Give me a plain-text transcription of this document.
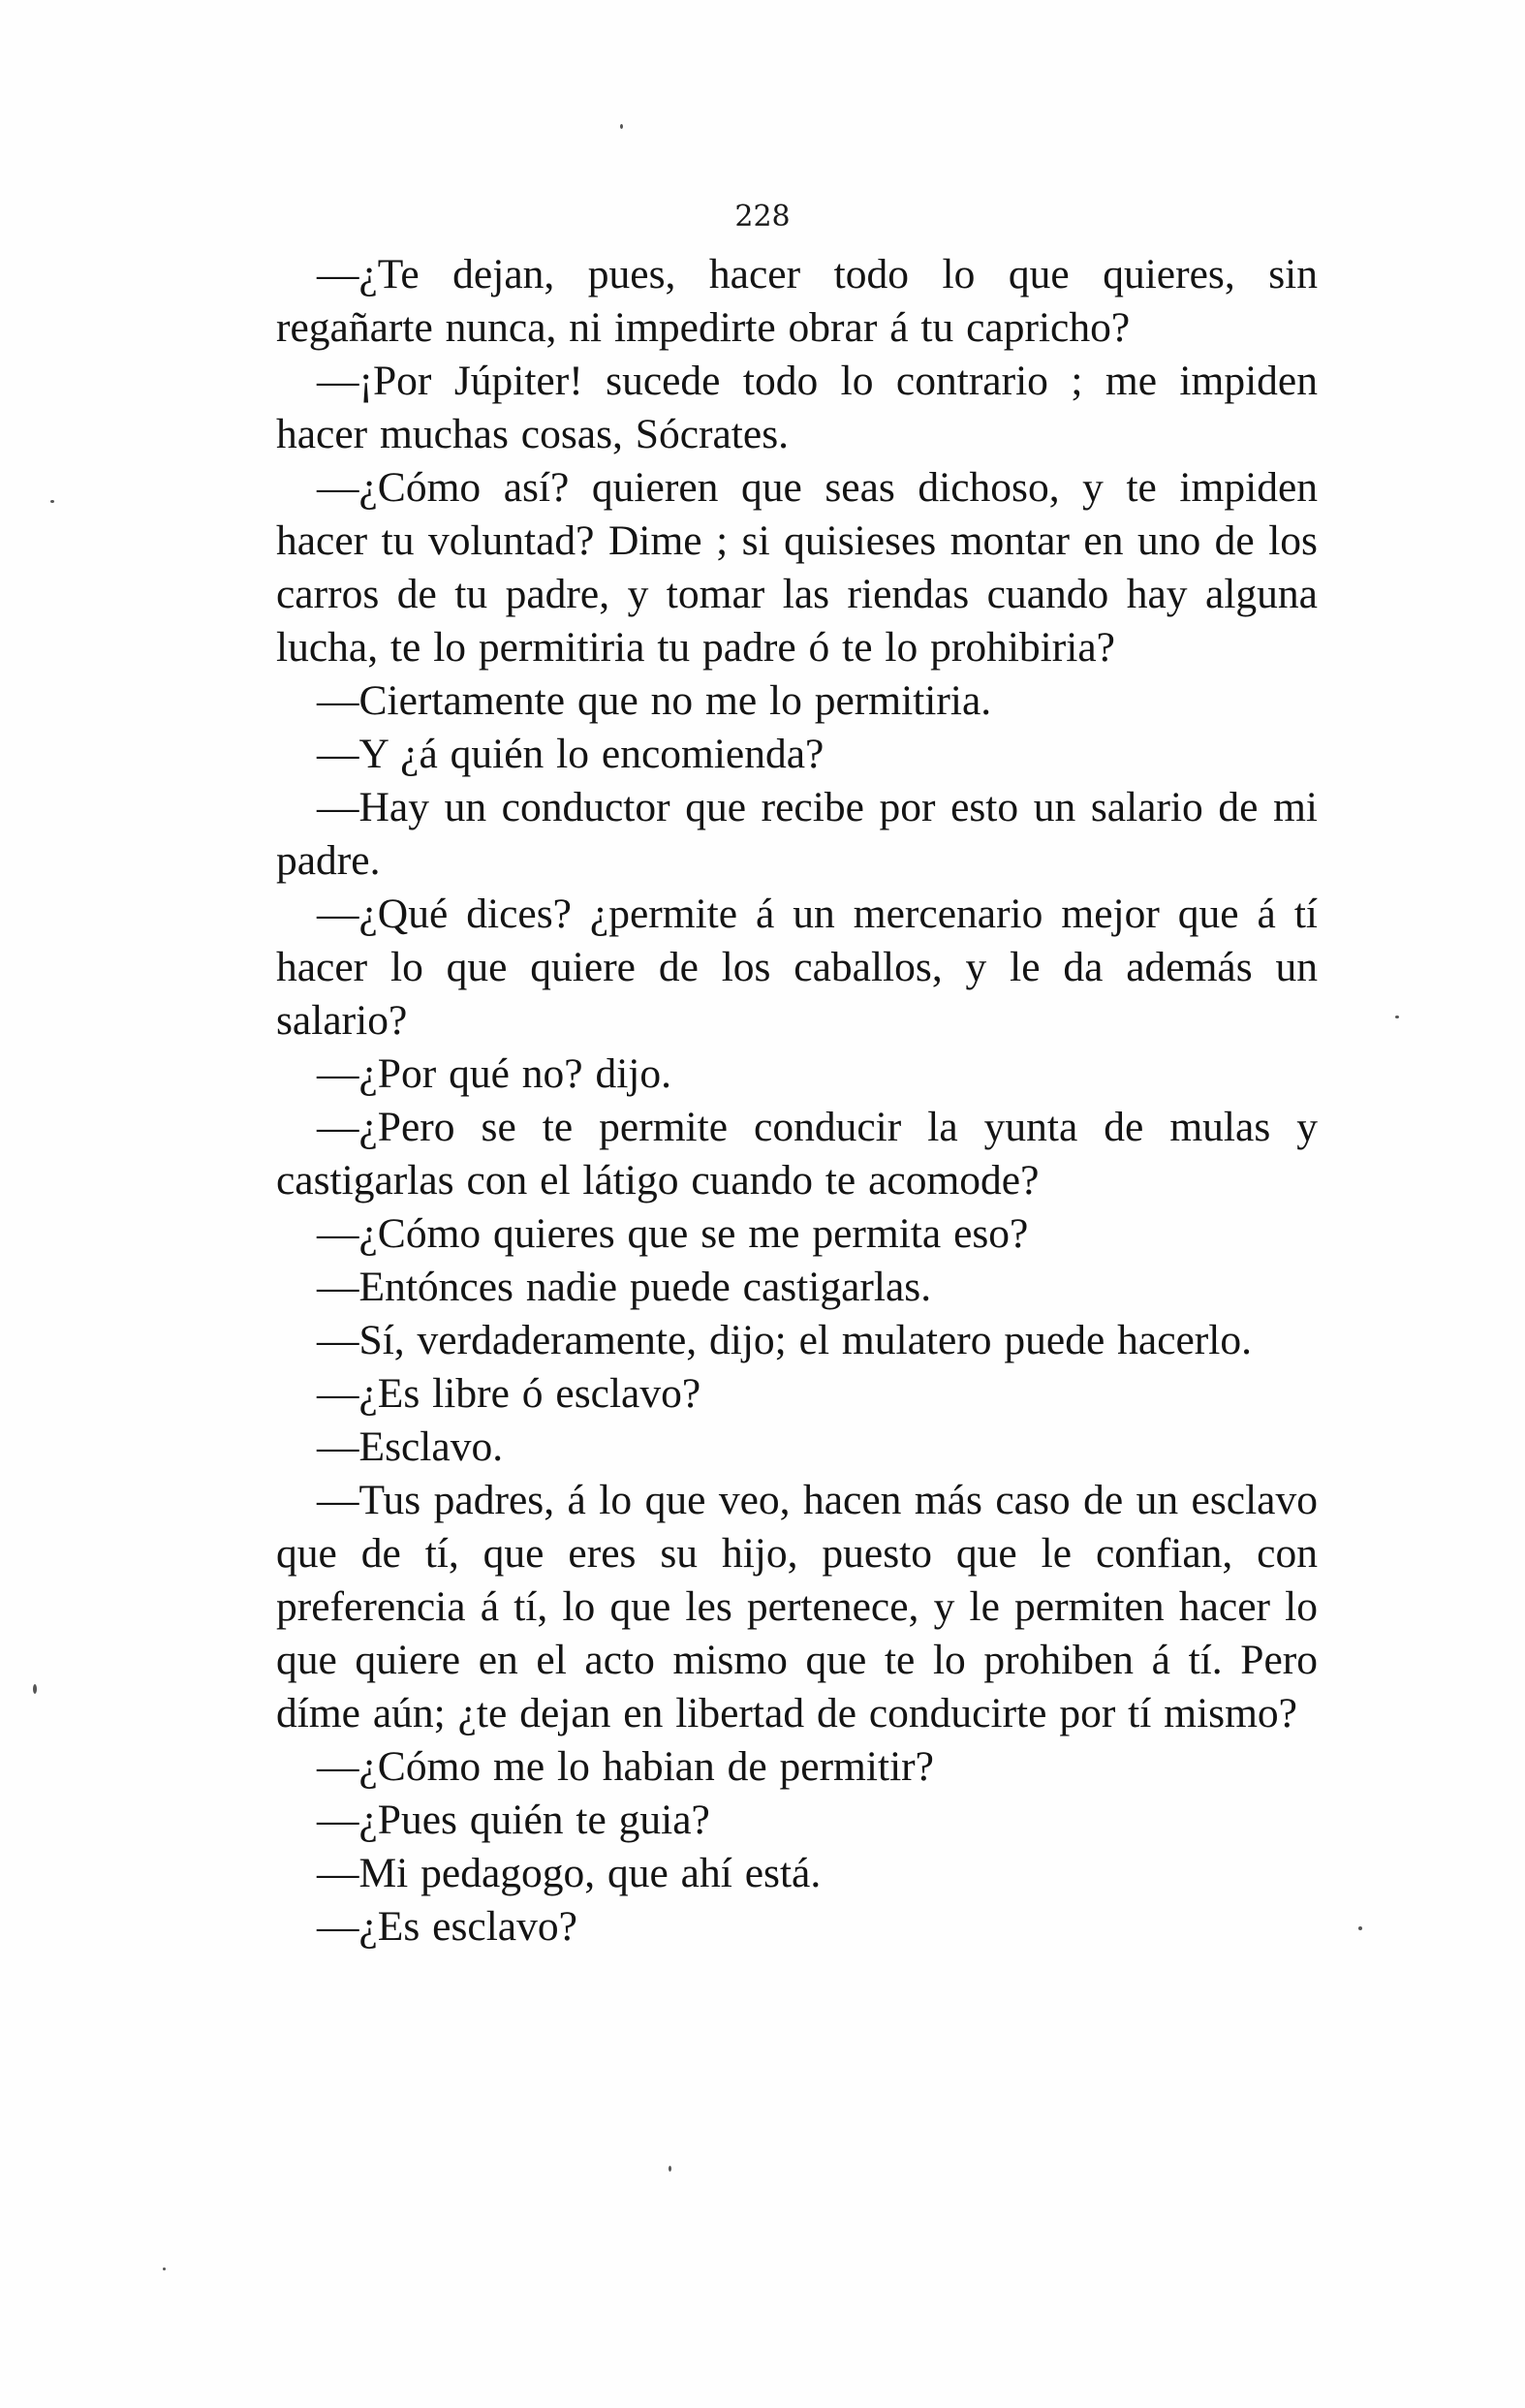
228

—¿Te dejan, pues, hacer todo lo que quieres, sin regañarte nunca, ni impedirte obrar á tu capricho?

—¡Por Júpiter! sucede todo lo contrario ; me impiden hacer muchas cosas, Sócrates.

—¿Cómo así? quieren que seas dichoso, y te impiden hacer tu voluntad? Dime ; si quisieses montar en uno de los carros de tu padre, y tomar las riendas cuando hay alguna lucha, te lo permitiria tu padre ó te lo prohibiria?

—Ciertamente que no me lo permitiria.

—Y ¿á quién lo encomienda?

—Hay un conductor que recibe por esto un salario de mi padre.

—¿Qué dices? ¿permite á un mercenario mejor que á tí hacer lo que quiere de los caballos, y le da además un salario?

—¿Por qué no? dijo.

—¿Pero se te permite conducir la yunta de mulas y castigarlas con el látigo cuando te acomode?

—¿Cómo quieres que se me permita eso?

—Entónces nadie puede castigarlas.

—Sí, verdaderamente, dijo; el mulatero puede hacerlo.

—¿Es libre ó esclavo?

—Esclavo.

—Tus padres, á lo que veo, hacen más caso de un esclavo que de tí, que eres su hijo, puesto que le confian, con preferencia á tí, lo que les pertenece, y le permiten hacer lo que quiere en el acto mismo que te lo prohiben á tí. Pero díme aún; ¿te dejan en libertad de conducirte por tí mismo?

—¿Cómo me lo habian de permitir?

—¿Pues quién te guia?

—Mi pedagogo, que ahí está.

—¿Es esclavo?
